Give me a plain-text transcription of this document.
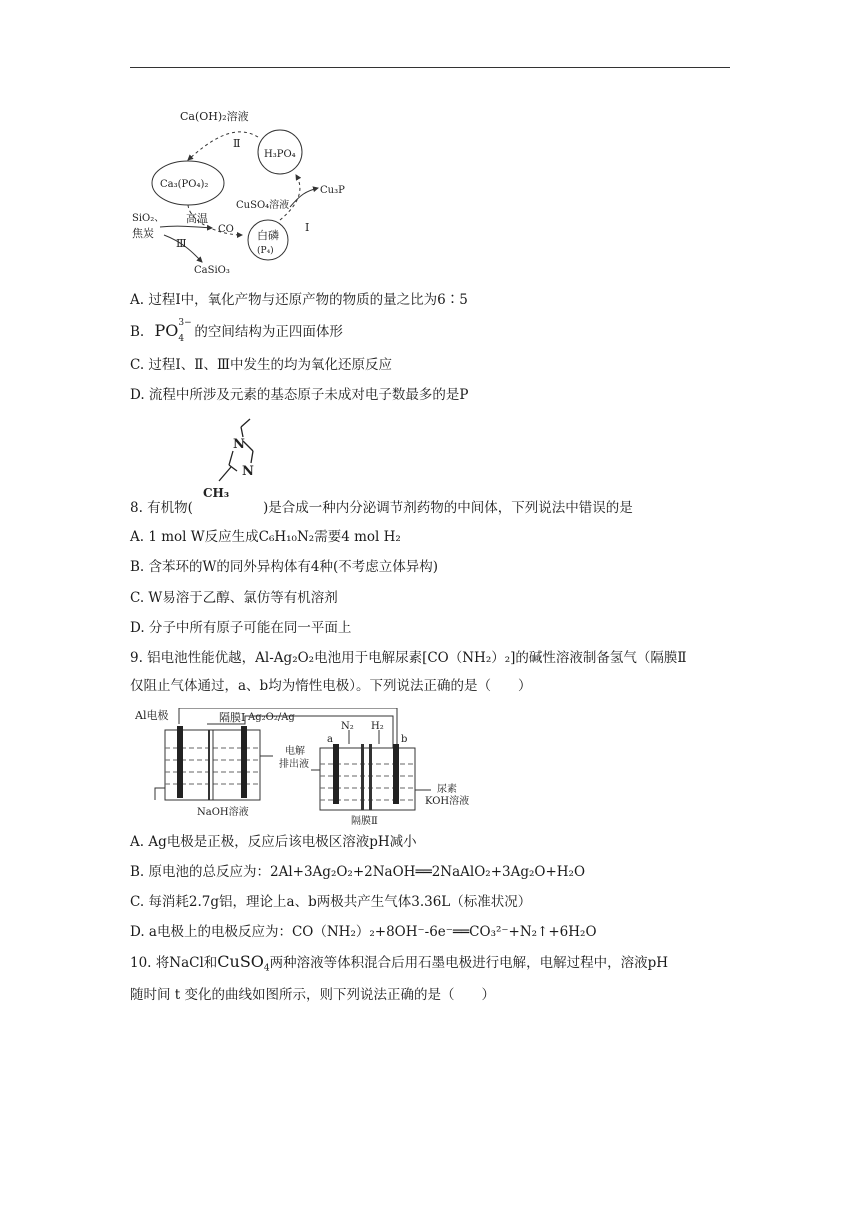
Ca(OH)₂溶液
Ⅱ
H₃PO₄
Ca₃(PO₄)₂
Cu₃P
CuSO₄溶液
Ⅰ
SiO₂、
焦炭
高温
CO
Ⅲ
白磷
(P₄)
CaSiO₃
A. 过程Ⅰ中，氧化产物与还原产物的物质的量之比为6∶5
B. PO 3−
4 的空间结构为正四面体形
C. 过程Ⅰ、Ⅱ、Ⅲ中发生的均为氧化还原反应
D. 流程中所涉及元素的基态原子未成对电子数最多的是P
N
N
CH₃
8. 有机物(	)是合成一种内分泌调节剂药物的中间体，下列说法中错误的是
A. 1 mol W反应生成C₆H₁₀N₂需要4 mol H₂
B. 含苯环的W的同外异构体有4种(不考虑立体异构)
C. W易溶于乙醇、氯仿等有机溶剂
D. 分子中所有原子可能在同一平面上
9. 铝电池性能优越，Al-Ag₂O₂电池用于电解尿素[CO（NH₂）₂]的碱性溶液制备氢气（隔膜Ⅱ
仅阻止气体通过，a、b均为惰性电极）。下列说法正确的是（　　）
Al电极	隔膜Ⅰ Ag₂O₂/Ag
NaOH溶液
N₂ H₂
a	b
电解
排出液
尿素
KOH溶液
隔膜Ⅱ
A. Ag电极是正极，反应后该电极区溶液pH减小
B. 原电池的总反应为：2Al+3Ag₂O₂+2NaOH══2NaAlO₂+3Ag₂O+H₂O
C. 每消耗2.7g铝，理论上a、b两极共产生气体3.36L（标准状况）
D. a电极上的电极反应为：CO（NH₂）₂+8OH⁻-6e⁻══CO₃²⁻+N₂↑+6H₂O
10. 将NaCl和CuSO$_4$两种溶液等体积混合后用石墨电极进行电解，电解过程中，溶液pH
随时间 t 变化的曲线如图所示，则下列说法正确的是（　　）
